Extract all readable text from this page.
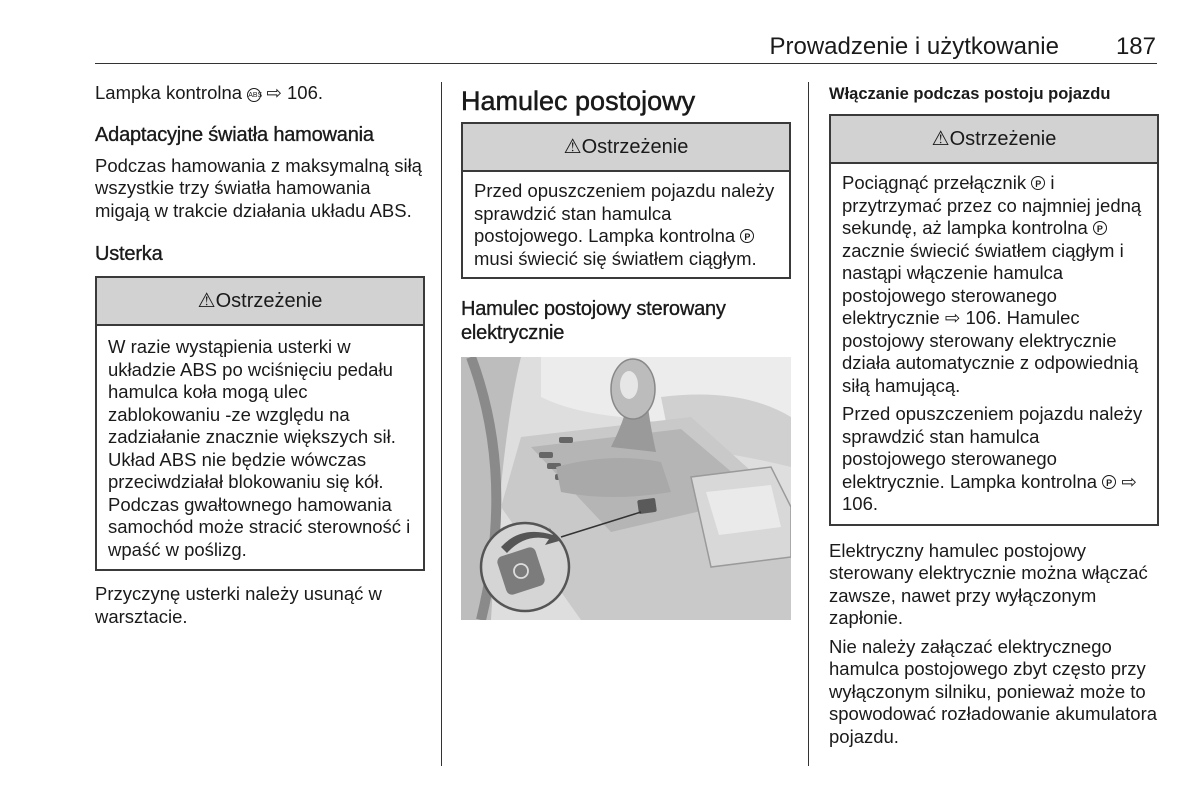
Prowadzenie i użytkowanie 187

Lampka kontrolna ABS ⇨ 106.

Adaptacyjne światła hamowania

Podczas hamowania z maksymalną siłą wszystkie trzy światła hamowania migają w trakcie działania układu ABS.

Usterka
⚠Ostrzeżenie

W razie wystąpienia usterki w układzie ABS po wciśnięciu pedału hamulca koła mogą ulec zablokowaniu -ze względu na zadziałanie znacznie większych sił. Układ ABS nie będzie wówczas przeciwdziałał blokowaniu się kół. Podczas gwałtownego hamowania samochód może stracić sterowność i wpaść w poślizg.

Przyczynę usterki należy usunąć w warsztacie.

Hamulec postojowy
⚠Ostrzeżenie

Przed opuszczeniem pojazdu należy sprawdzić stan hamulca postojowego. Lampka kontrolna P musi świecić się światłem ciągłym.

Hamulec postojowy sterowany elektrycznie
Włączanie podczas postoju pojazdu
⚠Ostrzeżenie

Pociągnąć przełącznik P i przytrzymać przez co najmniej jedną sekundę, aż lampka kontrolna P zacznie świecić światłem ciągłym i nastąpi włączenie hamulca postojowego sterowanego elektrycznie ⇨ 106. Hamulec postojowy sterowany elektrycznie działa automatycznie z odpowiednią siłą hamującą.

Przed opuszczeniem pojazdu należy sprawdzić stan hamulca postojowego sterowanego elektrycznie. Lampka kontrolna P ⇨ 106.

Elektryczny hamulec postojowy sterowany elektrycznie można włączać zawsze, nawet przy wyłączonym zapłonie.

Nie należy załączać elektrycznego hamulca postojowego zbyt często przy wyłączonym silniku, ponieważ może to spowodować rozładowanie akumulatora pojazdu.
